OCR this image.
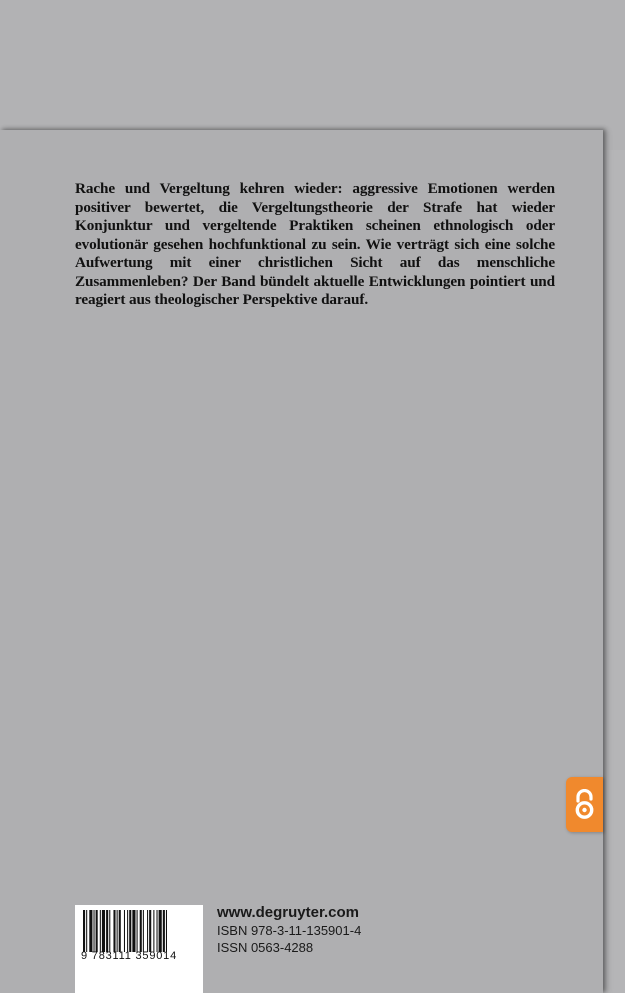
Rache und Vergeltung kehren wieder: aggressive Emotionen werden positiver bewertet, die Vergeltungstheorie der Strafe hat wieder Konjunktur und vergeltende Praktiken scheinen ethnologisch oder evolutionär gesehen hochfunktional zu sein. Wie verträgt sich eine solche Aufwertung mit einer christlichen Sicht auf das menschliche Zusammenleben? Der Band bündelt aktuelle Entwicklungen pointiert und reagiert aus theologischer Perspektive darauf.

9 783111 359014
www.degruyter.com
ISBN 978-3-11-135901-4
ISSN 0563-4288
